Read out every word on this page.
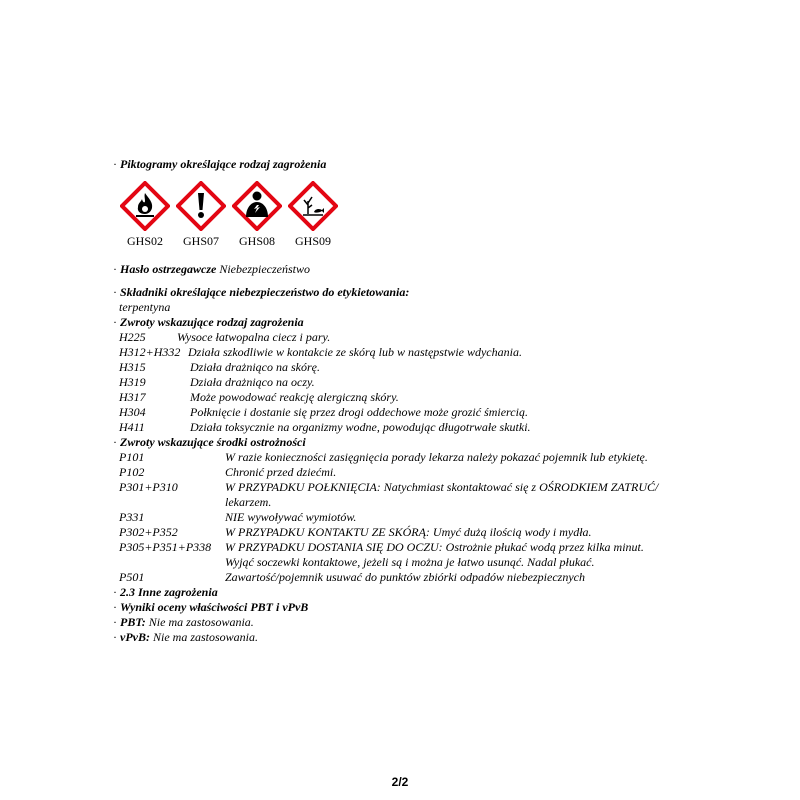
· Piktogramy określające rodzaj zagrożenia
GHS02	GHS07	GHS08	GHS09
· Hasło ostrzegawcze Niebezpieczeństwo
· Składniki określające niebezpieczeństwo do etykietowania:
terpentyna
· Zwroty wskazujące rodzaj zagrożenia
H225	Wysoce łatwopalna ciecz i pary.
H312+H332 Działa szkodliwie w kontakcie ze skórą lub w następstwie wdychania.
H315	Działa drażniąco na skórę.
H319	Działa drażniąco na oczy.
H317	Może powodować reakcję alergiczną skóry.
H304	Połknięcie i dostanie się przez drogi oddechowe może grozić śmiercią.
H411	Działa toksycznie na organizmy wodne, powodując długotrwałe skutki.
· Zwroty wskazujące środki ostrożności
P101	W razie konieczności zasięgnięcia porady lekarza należy pokazać pojemnik lub etykietę.
P102	Chronić przed dziećmi.
P301+P310	W PRZYPADKU POŁKNIĘCIA: Natychmiast skontaktować się z OŚRODKIEM ZATRUĆ/
lekarzem.
P331	NIE wywoływać wymiotów.
P302+P352	W PRZYPADKU KONTAKTU ZE SKÓRĄ: Umyć dużą ilością wody i mydła.
P305+P351+P338 W PRZYPADKU DOSTANIA SIĘ DO OCZU: Ostrożnie płukać wodą przez kilka minut.
Wyjąć soczewki kontaktowe, jeżeli są i można je łatwo usunąć. Nadal płukać.
P501	Zawartość/pojemnik usuwać do punktów zbiórki odpadów niebezpiecznych
· 2.3 Inne zagrożenia
· Wyniki oceny właściwości PBT i vPvB
· PBT: Nie ma zastosowania.
· vPvB: Nie ma zastosowania.
2/2
